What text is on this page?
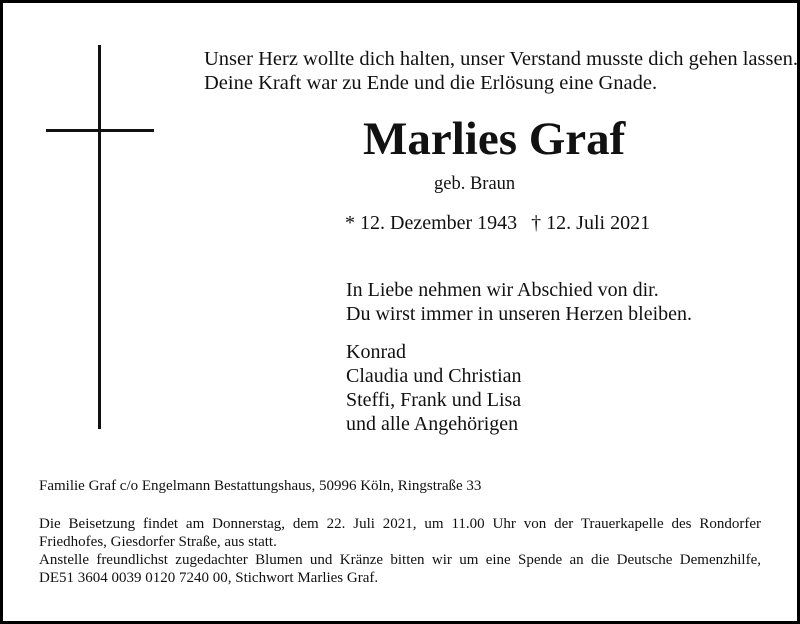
Unser Herz wollte dich halten, unser Verstand musste dich gehen lassen.
Deine Kraft war zu Ende und die Erlösung eine Gnade.
Marlies Graf
geb. Braun
* 12. Dezember 1943 † 12. Juli 2021
In Liebe nehmen wir Abschied von dir.
Du wirst immer in unseren Herzen bleiben.
Konrad
Claudia und Christian
Steffi, Frank und Lisa
und alle Angehörigen
Familie Graf c/o Engelmann Bestattungshaus, 50996 Köln, Ringstraße 33

Die Beisetzung findet am Donnerstag, dem 22. Juli 2021, um 11.00 Uhr von der Trauerkapelle des Rondorfer

Friedhofes, Giesdorfer Straße, aus statt.

Anstelle freundlichst zugedachter Blumen und Kränze bitten wir um eine Spende an die Deutsche Demenzhilfe,

DE51 3604 0039 0120 7240 00, Stichwort Marlies Graf.
